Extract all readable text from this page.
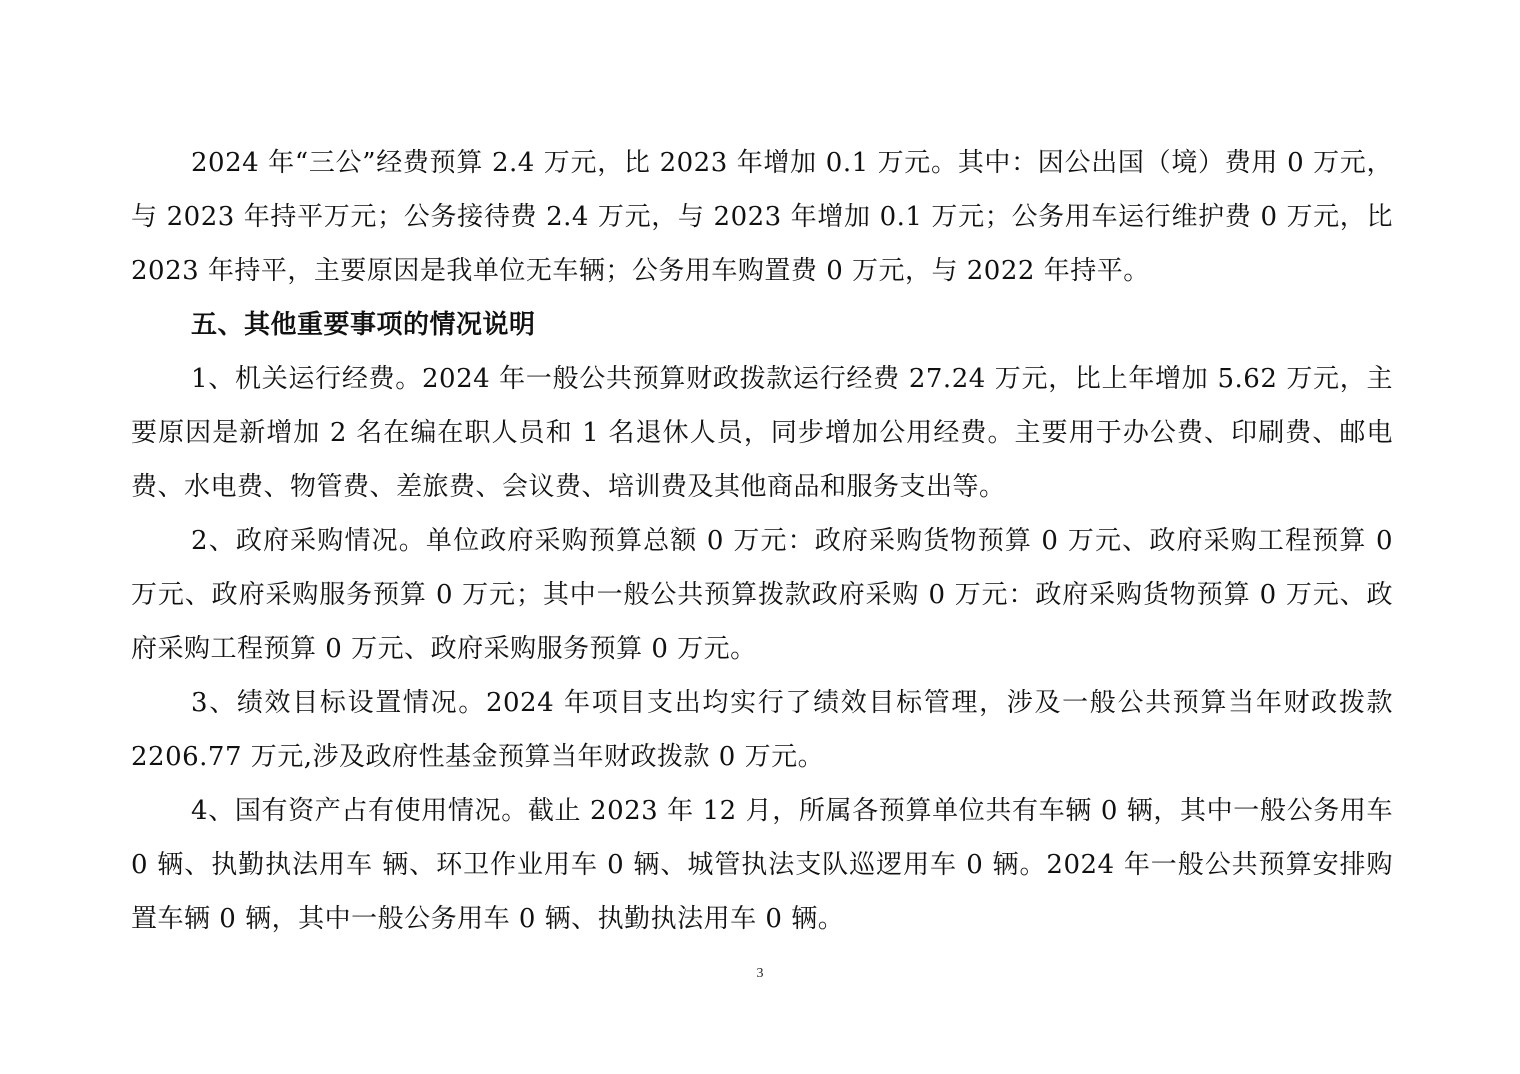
2024 年“三公”经费预算 2.4 万元，比 2023 年增加 0.1 万元。其中：因公出国（境）费用 0 万元，与 2023 年持平万元；公务接待费 2.4 万元，与 2023 年增加 0.1 万元；公务用车运行维护费 0 万元，比 2023 年持平，主要原因是我单位无车辆；公务用车购置费 0 万元，与 2022 年持平。

五、其他重要事项的情况说明

1、机关运行经费。2024 年一般公共预算财政拨款运行经费 27.24 万元，比上年增加 5.62 万元，主要原因是新增加 2 名在编在职人员和 1 名退休人员，同步增加公用经费。主要用于办公费、印刷费、邮电费、水电费、物管费、差旅费、会议费、培训费及其他商品和服务支出等。

2、政府采购情况。单位政府采购预算总额 0 万元：政府采购货物预算 0 万元、政府采购工程预算 0 万元、政府采购服务预算 0 万元；其中一般公共预算拨款政府采购 0 万元：政府采购货物预算 0 万元、政府采购工程预算 0 万元、政府采购服务预算 0 万元。

3、绩效目标设置情况。2024 年项目支出均实行了绩效目标管理，涉及一般公共预算当年财政拨款 2206.77 万元,涉及政府性基金预算当年财政拨款 0 万元。

4、国有资产占有使用情况。截止 2023 年 12 月，所属各预算单位共有车辆 0 辆，其中一般公务用车 0 辆、执勤执法用车 辆、环卫作业用车 0 辆、城管执法支队巡逻用车 0 辆。2024 年一般公共预算安排购置车辆 0 辆，其中一般公务用车 0 辆、执勤执法用车 0 辆。

3
